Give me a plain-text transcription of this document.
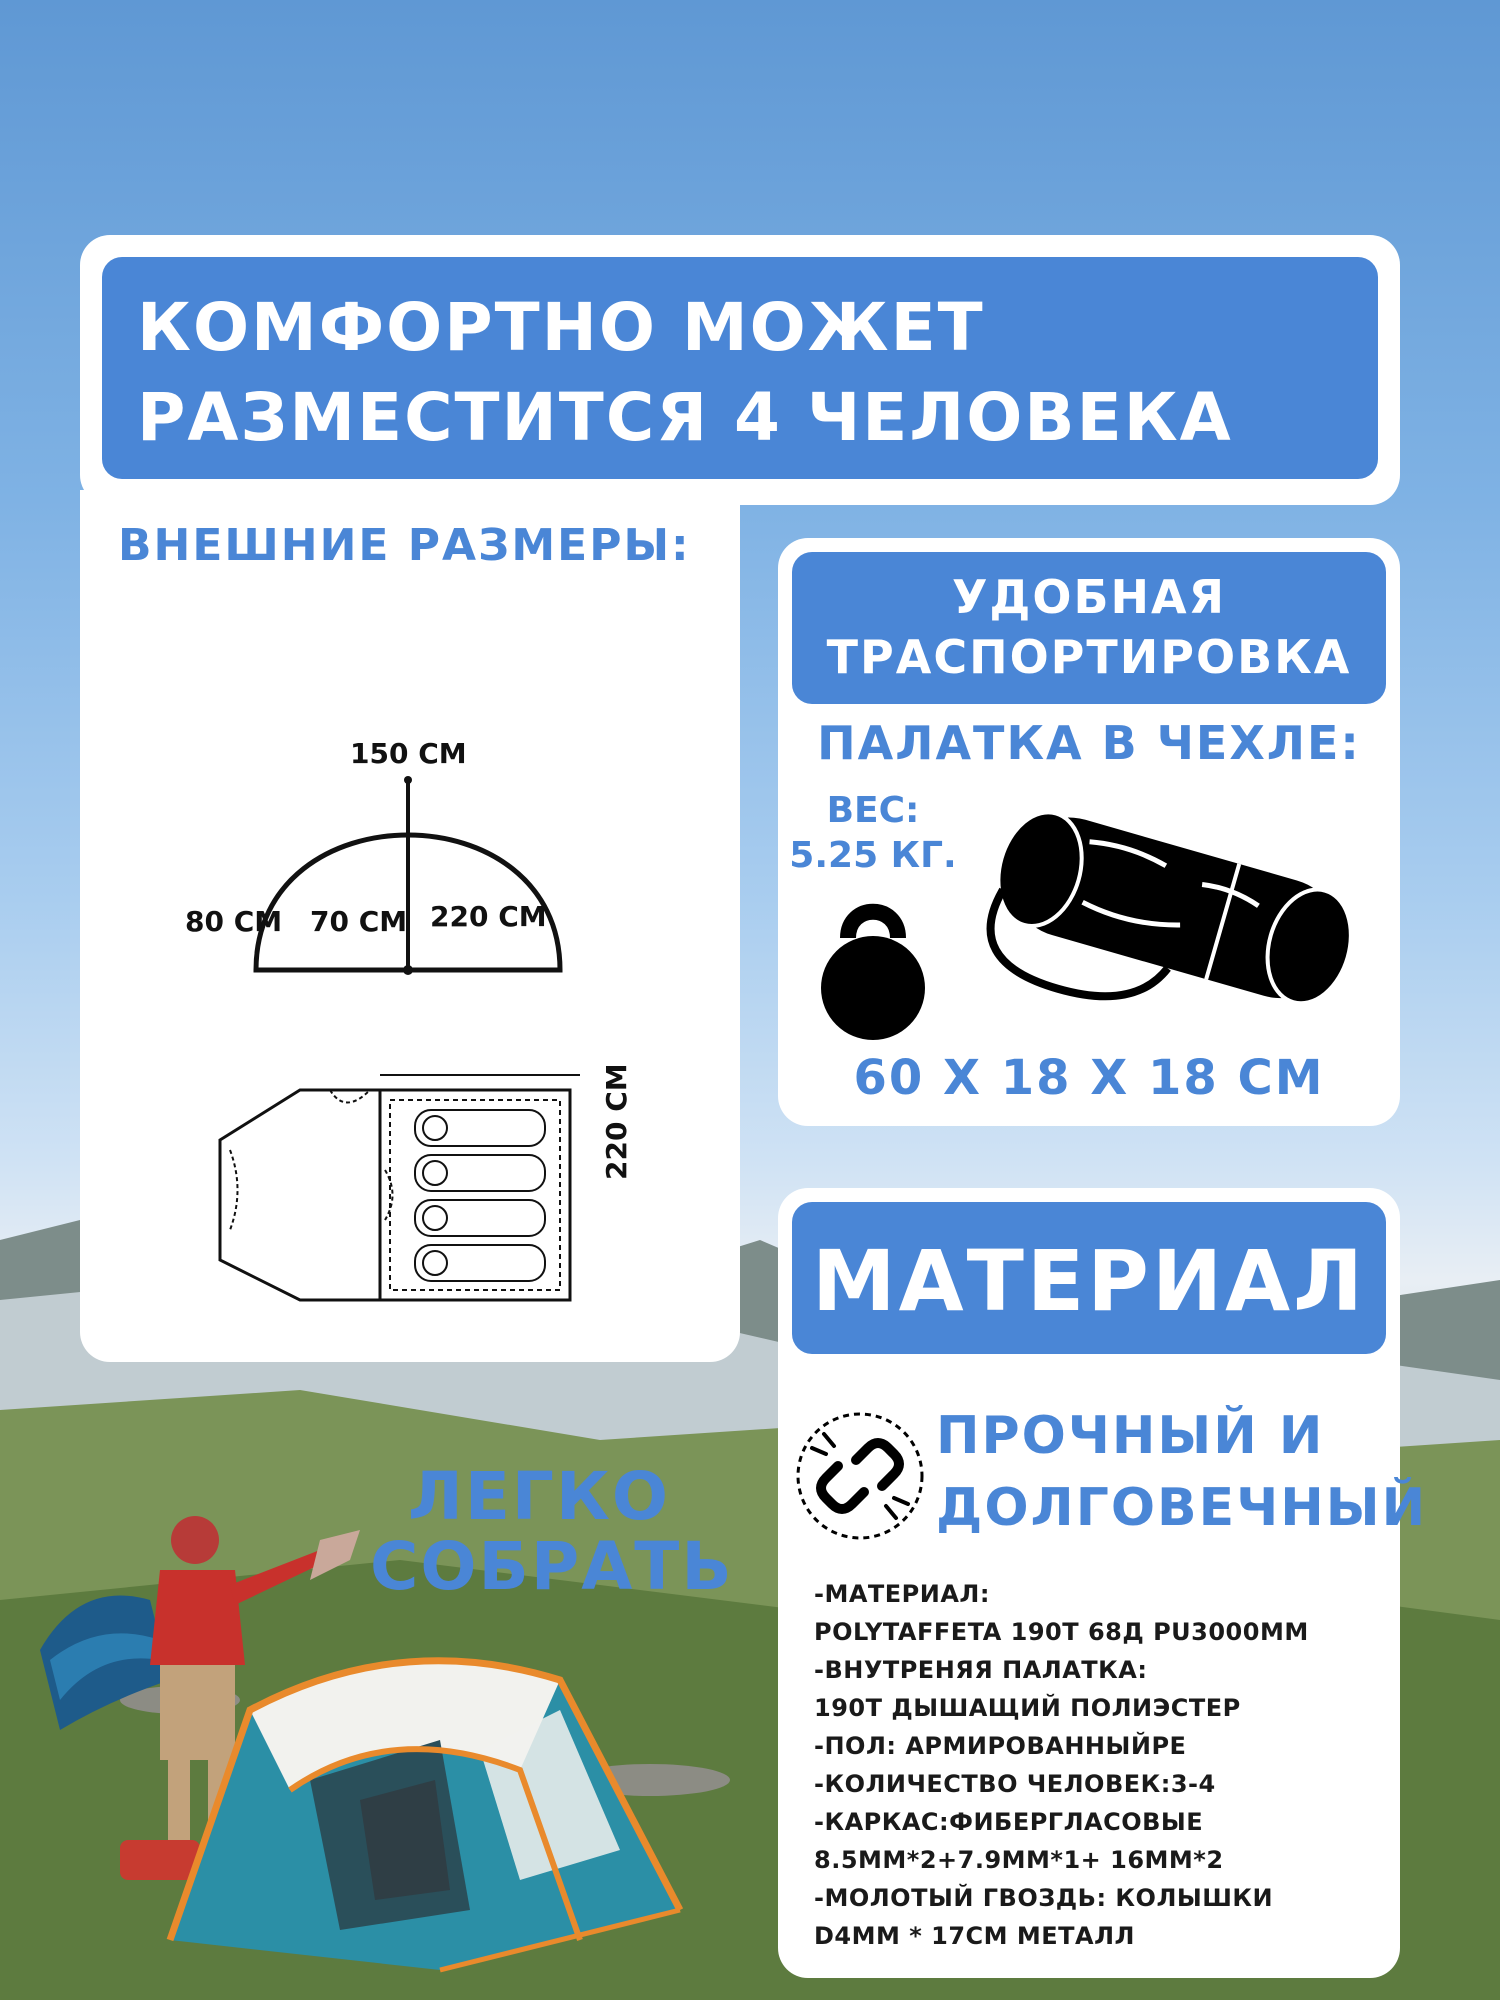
КОМФОРТНО МОЖЕТ
РАЗМЕСТИТСЯ 4 ЧЕЛОВЕКА
ВНЕШНИЕ РАЗМЕРЫ:
150 СМ
80 СМ 70 СМ 220 СМ
220 СМ
УДОБНАЯ
ТРАСПОРТИРОВКА
ПАЛАТКА В ЧЕХЛЕ:
ВЕС:
5.25 КГ.
60 Х 18 Х 18 СМ
МАТЕРИАЛ
ПРОЧНЫЙ И
ДОЛГОВЕЧНЫЙ
-МАТЕРИАЛ:
POLYTAFFETA 190T 68Д PU3000MM
-ВНУТРЕНЯЯ ПАЛАТКА:
190T ДЫШАЩИЙ ПОЛИЭСТЕР
-ПОЛ: АРМИРОВАННЫЙРЕ
-КОЛИЧЕСТВО ЧЕЛОВЕК:3-4
-КАРКАС:ФИБЕРГЛАСОВЫЕ
8.5MM*2+7.9MM*1+ 16MM*2
-МОЛОТЫЙ ГВОЗДЬ: КОЛЫШКИ
D4MM * 17CM МЕТАЛЛ
ЛЕГКО
СОБРАТЬ
